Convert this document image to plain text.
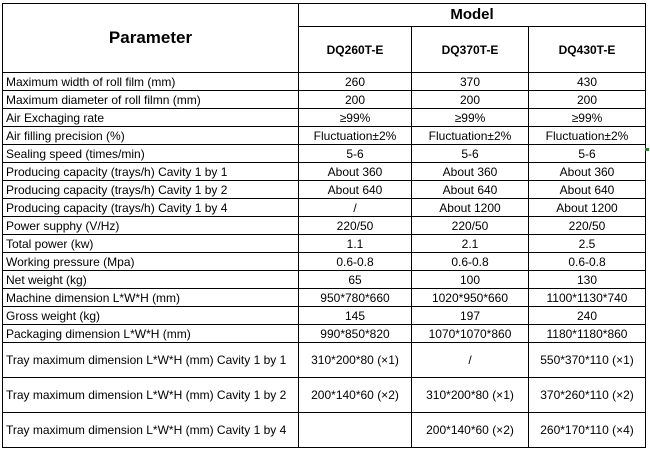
Parameter	Model		
	DQ260T-E	DQ370T-E	DQ430T-E
Maximum width of roll film (mm)	260	370	430
Maximum diameter of roll filmn (mm)	200	200	200
Air Exchaging rate	≥99%	≥99%	≥99%
Air filling precision (%)	Fluctuation±2%	Fluctuation±2%	Fluctuation±2%
Sealing speed (times/min)	5-6	5-6	5-6
Producing capacity (trays/h) Cavity 1 by 1	About 360	About 360	About 360
Producing capacity (trays/h) Cavity 1 by 2	About 640	About 640	About 640
Producing capacity (trays/h) Cavity 1 by 4	/	About 1200	About 1200
Power supphy (V/Hz)	220/50	220/50	220/50
Total power (kw)	1.1	2.1	2.5
Working pressure (Mpa)	0.6-0.8	0.6-0.8	0.6-0.8
Net weight (kg)	65	100	130
Machine dimension L*W*H (mm)	950*780*660	1020*950*660	1100*1130*740
Gross weight (kg)	145	197	240
Packaging dimension L*W*H (mm)	990*850*820	1070*1070*860	1180*1180*860
Tray maximum dimension L*W*H (mm) Cavity 1 by 1	310*200*80 (×1)	/	550*370*110 (×1)
Tray maximum dimension L*W*H (mm) Cavity 1 by 2	200*140*60 (×2)	310*200*80 (×1)	370*260*110 (×2)
Tray maximum dimension L*W*H (mm) Cavity 1 by 4		200*140*60 (×2)	260*170*110 (×4)
